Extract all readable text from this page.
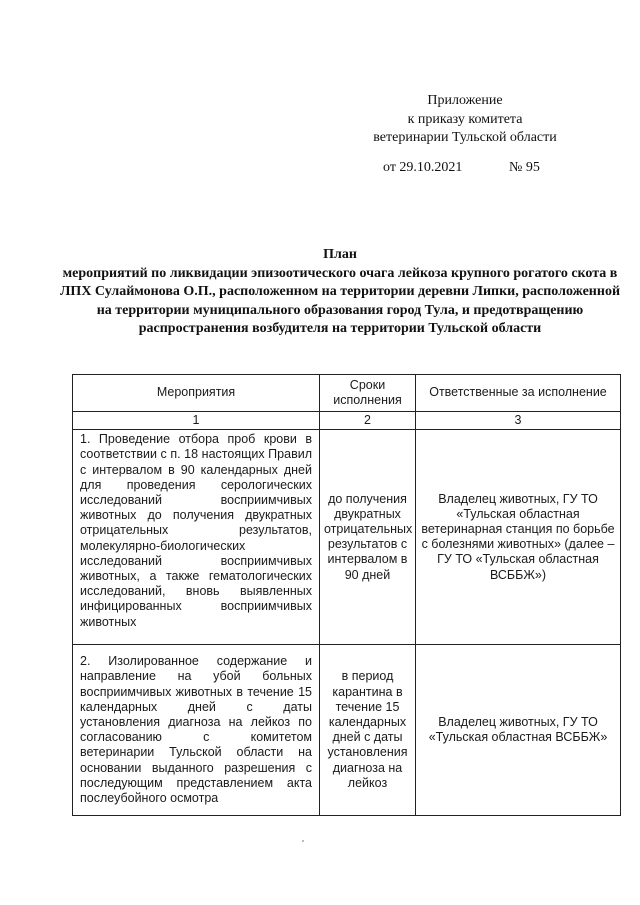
Приложение
к приказу комитета
ветеринарии Тульской области
от 29.10.2021	№ 95
План
мероприятий по ликвидации эпизоотического очага лейкоза крупного рогатого скота в ЛПХ Сулаймонова О.П., расположенном на территории деревни Липки, расположенной на территории муниципального образования город Тула, и предотвращению распространения возбудителя на территории Тульской области
Мероприятия	Сроки исполнения	Ответственные за исполнение
1	2	3
1. Проведение отбора проб крови в соответствии с п. 18 настоящих Правил с интервалом в 90 календарных дней для проведения серологических исследований восприимчивых животных до получения двукратных отрицательных результатов, молекулярно-биологических исследований восприимчивых животных, а также гематологических исследований, вновь выявленных инфицированных восприимчивых животных	до получения двукратных отрицательных результатов с интервалом в 90 дней	Владелец животных, ГУ ТО «Тульская областная ветеринарная станция по борьбе с болезнями животных» (далее – ГУ ТО «Тульская областная ВСББЖ»)
2. Изолированное содержание и направление на убой больных восприимчивых животных в течение 15 календарных дней с даты установления диагноза на лейкоз по согласованию с комитетом ветеринарии Тульской области на основании выданного разрешения с последующим представлением акта послеубойного осмотра	в период карантина в течение 15 календарных дней с даты установления диагноза на лейкоз	Владелец животных, ГУ ТО «Тульская областная ВСББЖ»
